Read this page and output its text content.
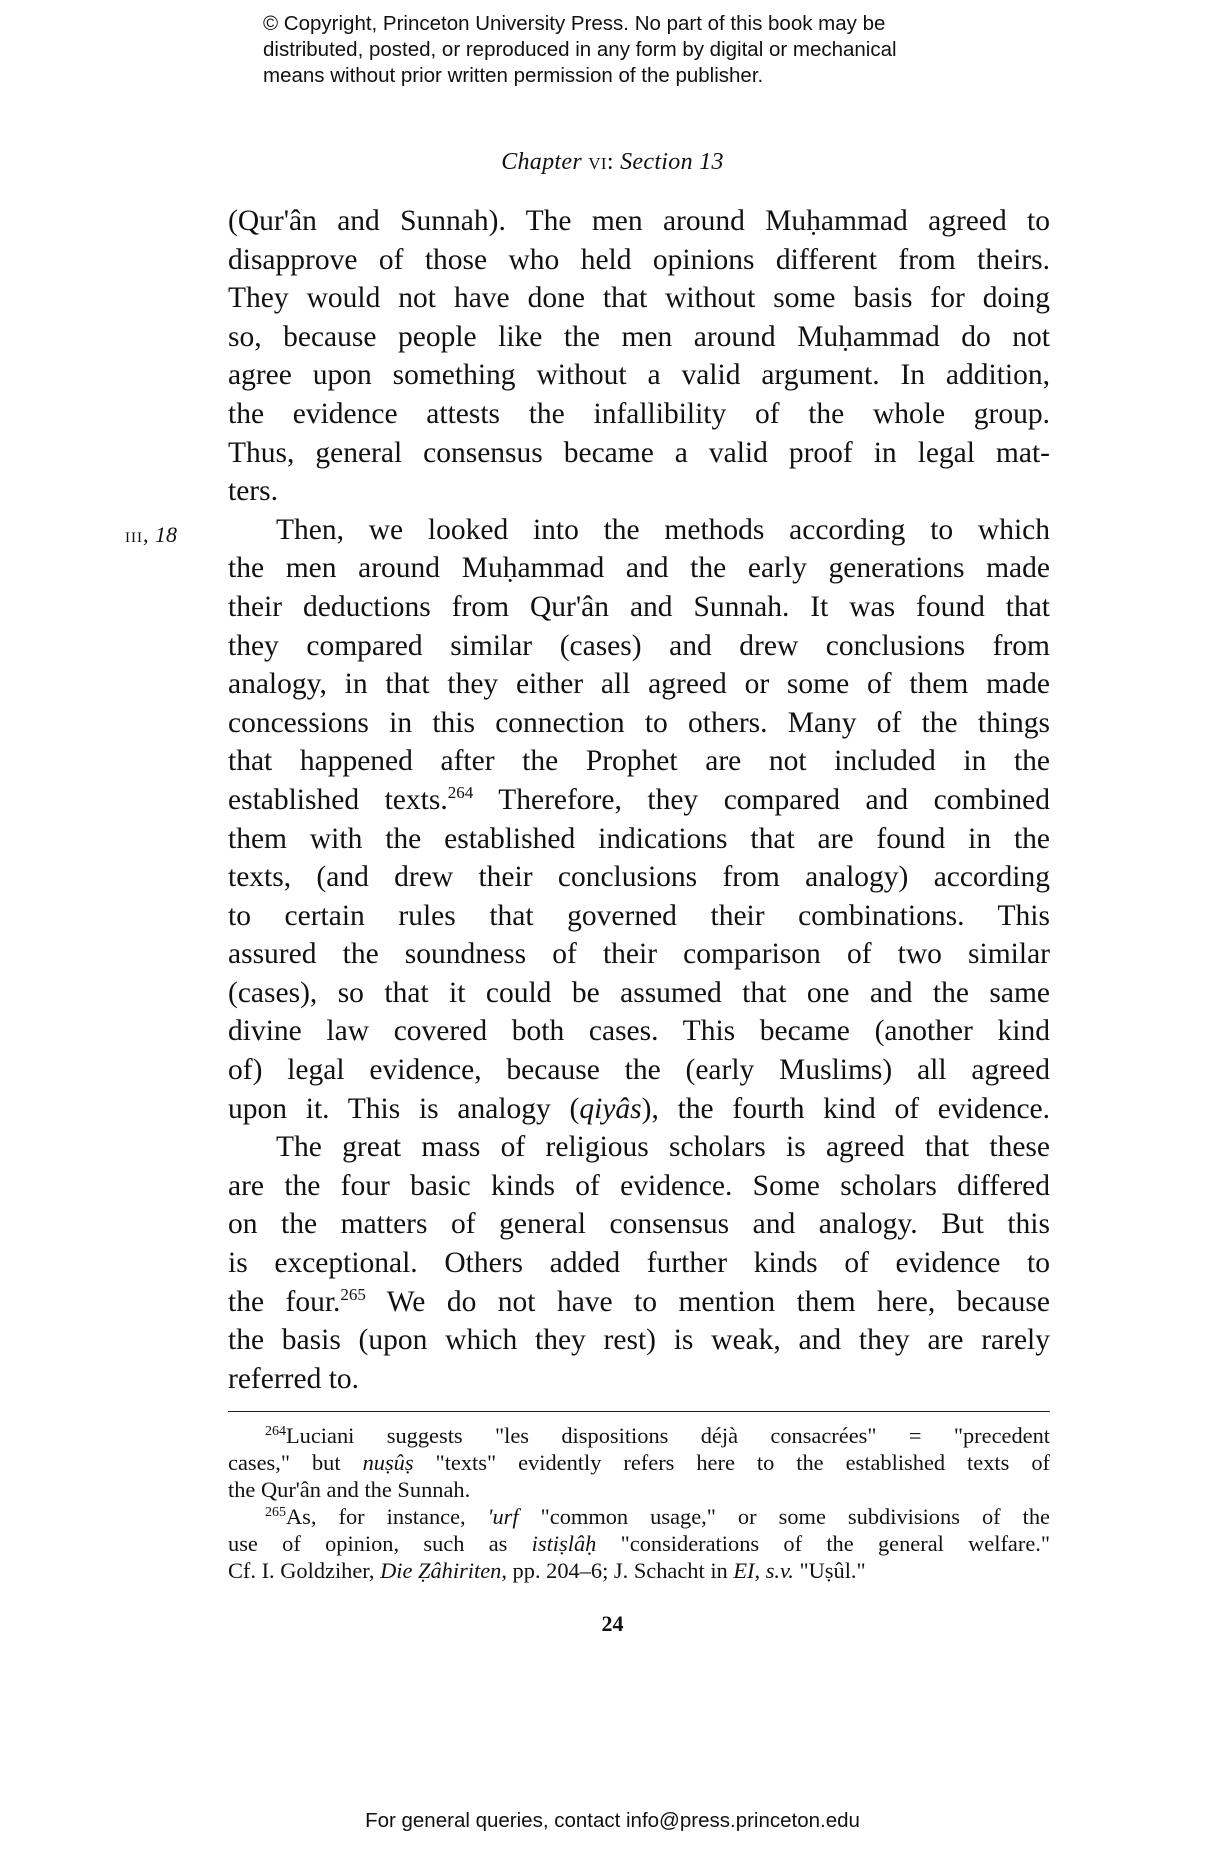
© Copyright, Princeton University Press. No part of this book may be
distributed, posted, or reproduced in any form by digital or mechanical
means without prior written permission of the publisher.
Chapter vi: Section 13
iii, 18
(Qur'ân and Sunnah). The men around Muḥammad agreed to
disapprove of those who held opinions different from theirs.
They would not have done that without some basis for doing
so, because people like the men around Muḥammad do not
agree upon something without a valid argument. In addition,
the evidence attests the infallibility of the whole group.
Thus, general consensus became a valid proof in legal mat-
ters.
Then, we looked into the methods according to which
the men around Muḥammad and the early generations made
their deductions from Qur'ân and Sunnah. It was found that
they compared similar (cases) and drew conclusions from
analogy, in that they either all agreed or some of them made
concessions in this connection to others. Many of the things
that happened after the Prophet are not included in the
established texts.$^{264}$ Therefore, they compared and combined
them with the established indications that are found in the
texts, (and drew their conclusions from analogy) according
to certain rules that governed their combinations. This
assured the soundness of their comparison of two similar
(cases), so that it could be assumed that one and the same
divine law covered both cases. This became (another kind
of) legal evidence, because the (early Muslims) all agreed
upon it. This is analogy (qiyâs), the fourth kind of evidence.
The great mass of religious scholars is agreed that these
are the four basic kinds of evidence. Some scholars differed
on the matters of general consensus and analogy. But this
is exceptional. Others added further kinds of evidence to
the four.$^{265}$ We do not have to mention them here, because
the basis (upon which they rest) is weak, and they are rarely
referred to.
$^{264}$Luciani suggests "les dispositions déjà consacrées" = "precedent
cases," but nuṣûṣ "texts" evidently refers here to the established texts of
the Qur'ân and the Sunnah.
$^{265}$As, for instance, 'urf "common usage," or some subdivisions of the
use of opinion, such as istiṣlâḥ "considerations of the general welfare."
Cf. I. Goldziher, Die Ẓâhiriten, pp. 204–6; J. Schacht in EI, s.v. "Uṣûl."
24
For general queries, contact info@press.princeton.edu
